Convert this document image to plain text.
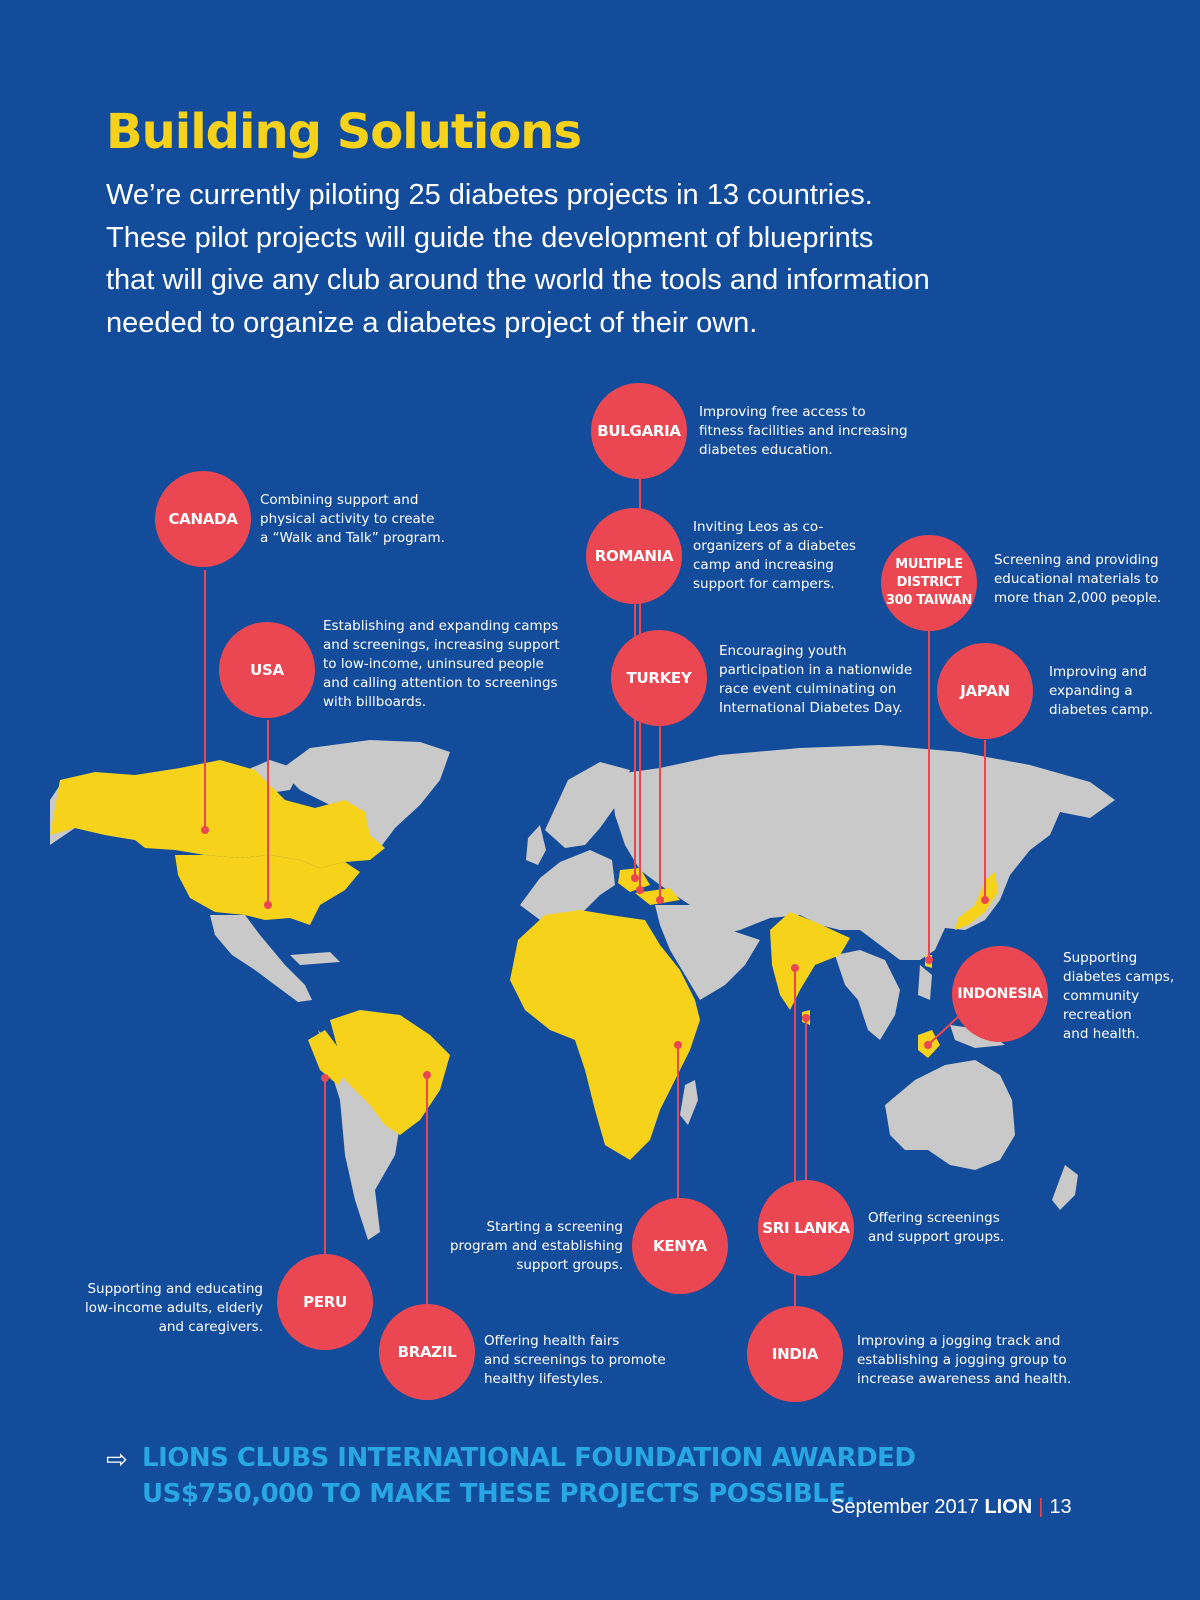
Building Solutions
We’re currently piloting 25 diabetes projects in 13 countries.
These pilot projects will guide the development of blueprints
that will give any club around the world the tools and information
needed to organize a diabetes project of their own.
CANADA
Combining support and
physical activity to create
a “Walk and Talk” program.
USA
Establishing and expanding camps
and screenings, increasing support
to low-income, uninsured people
and calling attention to screenings
with billboards.
BULGARIA
Improving free access to
fitness facilities and increasing
diabetes education.
ROMANIA
Inviting Leos as co-
organizers of a diabetes
camp and increasing
support for campers.
TURKEY
Encouraging youth
participation in a nationwide
race event culminating on
International Diabetes Day.
MULTIPLE
DISTRICT
300 TAIWAN
Screening and providing
educational materials to
more than 2,000 people.
JAPAN
Improving and
expanding a
diabetes camp.
INDONESIA
Supporting
diabetes camps,
community
recreation
and health.
KENYA
Starting a screening
program and establishing
support groups.
SRI LANKA
Offering screenings
and support groups.
PERU
Supporting and educating
low-income adults, elderly
and caregivers.
BRAZIL
Offering health fairs
and screenings to promote
healthy lifestyles.
INDIA
Improving a jogging track and
establishing a jogging group to
increase awareness and health.
⇨ LIONS CLUBS INTERNATIONAL FOUNDATION AWARDED
US$750,000 TO MAKE THESE PROJECTS POSSIBLE.
September 2017 LION | 13
